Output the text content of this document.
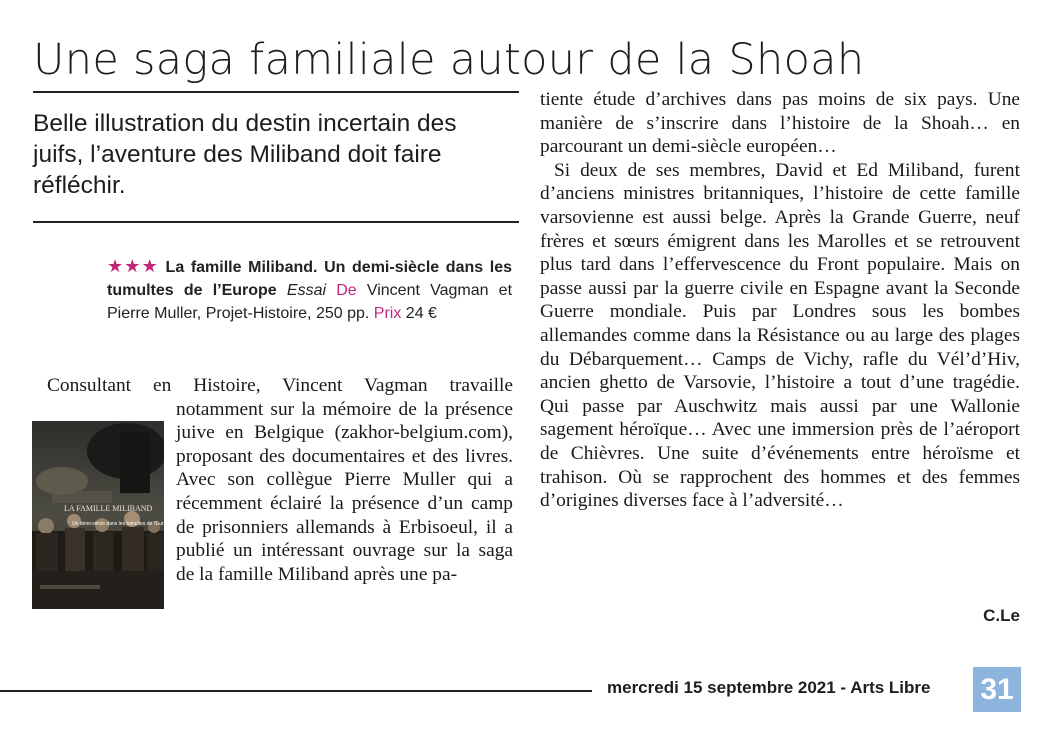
Une saga familiale autour de la Shoah
Belle illustration du destin incertain des juifs, l’aventure des Miliband doit faire réfléchir.
★★★ La famille Miliband. Un demi-siècle dans les tumultes de l’Europe Essai De Vincent Vagman et Pierre Muller, Projet-Histoire, 250 pp. Prix 24 €
LA FAMILLE MILIBAND
Un demi-siècle dans les tumultes de l’Europe

Consultant en Histoire, Vincent Vagman travaille notamment sur la mémoire de la présence juive en Belgique (zakhor-belgium.com), proposant des documentaires et des livres. Avec son collègue Pierre Muller qui a récemment éclairé la présence d’un camp de prisonniers allemands à Erbisoeul, il a publié un intéressant ouvrage sur la saga de la famille Miliband après une pa-

tiente étude d’archives dans pas moins de six pays. Une manière de s’inscrire dans l’histoire de la Shoah… en parcourant un demi-siècle européen…

Si deux de ses membres, David et Ed Miliband, furent d’anciens ministres britanniques, l’histoire de cette famille varsovienne est aussi belge. Après la Grande Guerre, neuf frères et sœurs émigrent dans les Marolles et se retrouvent plus tard dans l’effervescence du Front populaire. Mais on passe aussi par la guerre civile en Espagne avant la Seconde Guerre mondiale. Puis par Londres sous les bombes allemandes comme dans la Résistance ou au large des plages du Débarquement… Camps de Vichy, rafle du Vél’d’Hiv, ancien ghetto de Varsovie, l’histoire a tout d’une tragédie. Qui passe par Auschwitz mais aussi par une Wallonie sagement héroïque… Avec une immersion près de l’aéroport de Chièvres. Une suite d’événements entre héroïsme et trahison. Où se rapprochent des hommes et des femmes d’origines diverses face à l’adversité…

C.Le
mercredi 15 septembre 2021 - Arts Libre 31
